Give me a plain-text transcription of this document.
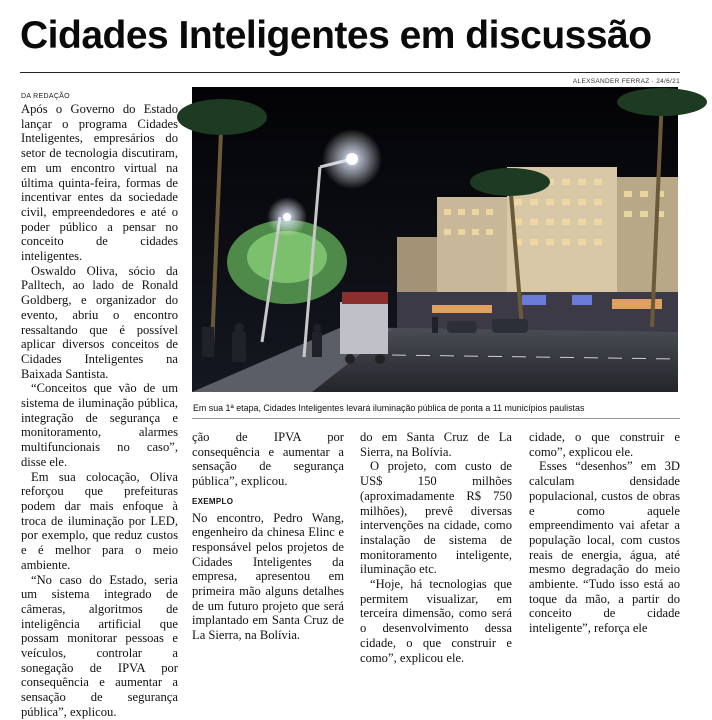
Cidades Inteligentes em discussão
ALEXSANDER FERRAZ · 24/6/21
DA REDAÇÃO

Após o Governo do Estado lançar o programa Cidades Inteligentes, empresários do setor de tecnologia discutiram, em um encontro virtual na última quinta-feira, formas de incentivar entes da sociedade civil, empreendedores e até o poder público a pensar no conceito de cidades inteligentes.

Oswaldo Oliva, sócio da Palltech, ao lado de Ronald Goldberg, e organizador do evento, abriu o encontro ressaltando que é possível aplicar diversos conceitos de Cidades Inteligentes na Baixada Santista.

“Conceitos que vão de um sistema de iluminação pública, integração de segurança e monitoramento, alarmes multifuncionais no caso”, disse ele.

Em sua colocação, Oliva reforçou que prefeituras podem dar mais enfoque à troca de iluminação por LED, por exemplo, que reduz custos e é melhor para o meio ambiente.

“No caso do Estado, seria um sistema integrado de câmeras, algoritmos de inteligência artificial que possam monitorar pessoas e veículos, controlar a sonegação de IPVA por consequência e aumentar a sensação de segurança pública”, explicou.

Em sua 1ª etapa, Cidades Inteligentes levará iluminação pública de ponta a 11 municípios paulistas

ção de IPVA por consequência e aumentar a sensação de segurança pública”, explicou.

EXEMPLO

No encontro, Pedro Wang, engenheiro da chinesa Elinc e responsável pelos projetos de Cidades Inteligentes da empresa, apresentou em primeira mão alguns detalhes de um futuro projeto que será implantado em Santa Cruz de La Sierra, na Bolívia.

do em Santa Cruz de La Sierra, na Bolívia.

O projeto, com custo de US$ 150 milhões (aproximadamente R$ 750 milhões), prevê diversas intervenções na cidade, como instalação de sistema de monitoramento inteligente, iluminação etc.

“Hoje, há tecnologias que permitem visualizar, em terceira dimensão, como será o desenvolvimento dessa cidade, o que construir e como”, explicou ele.

cidade, o que construir e como”, explicou ele.

Esses “desenhos” em 3D calculam densidade populacional, custos de obras e como aquele empreendimento vai afetar a população local, com custos reais de energia, água, até mesmo degradação do meio ambiente. “Tudo isso está ao toque da mão, a partir do conceito de cidade inteligente”, reforça ele
